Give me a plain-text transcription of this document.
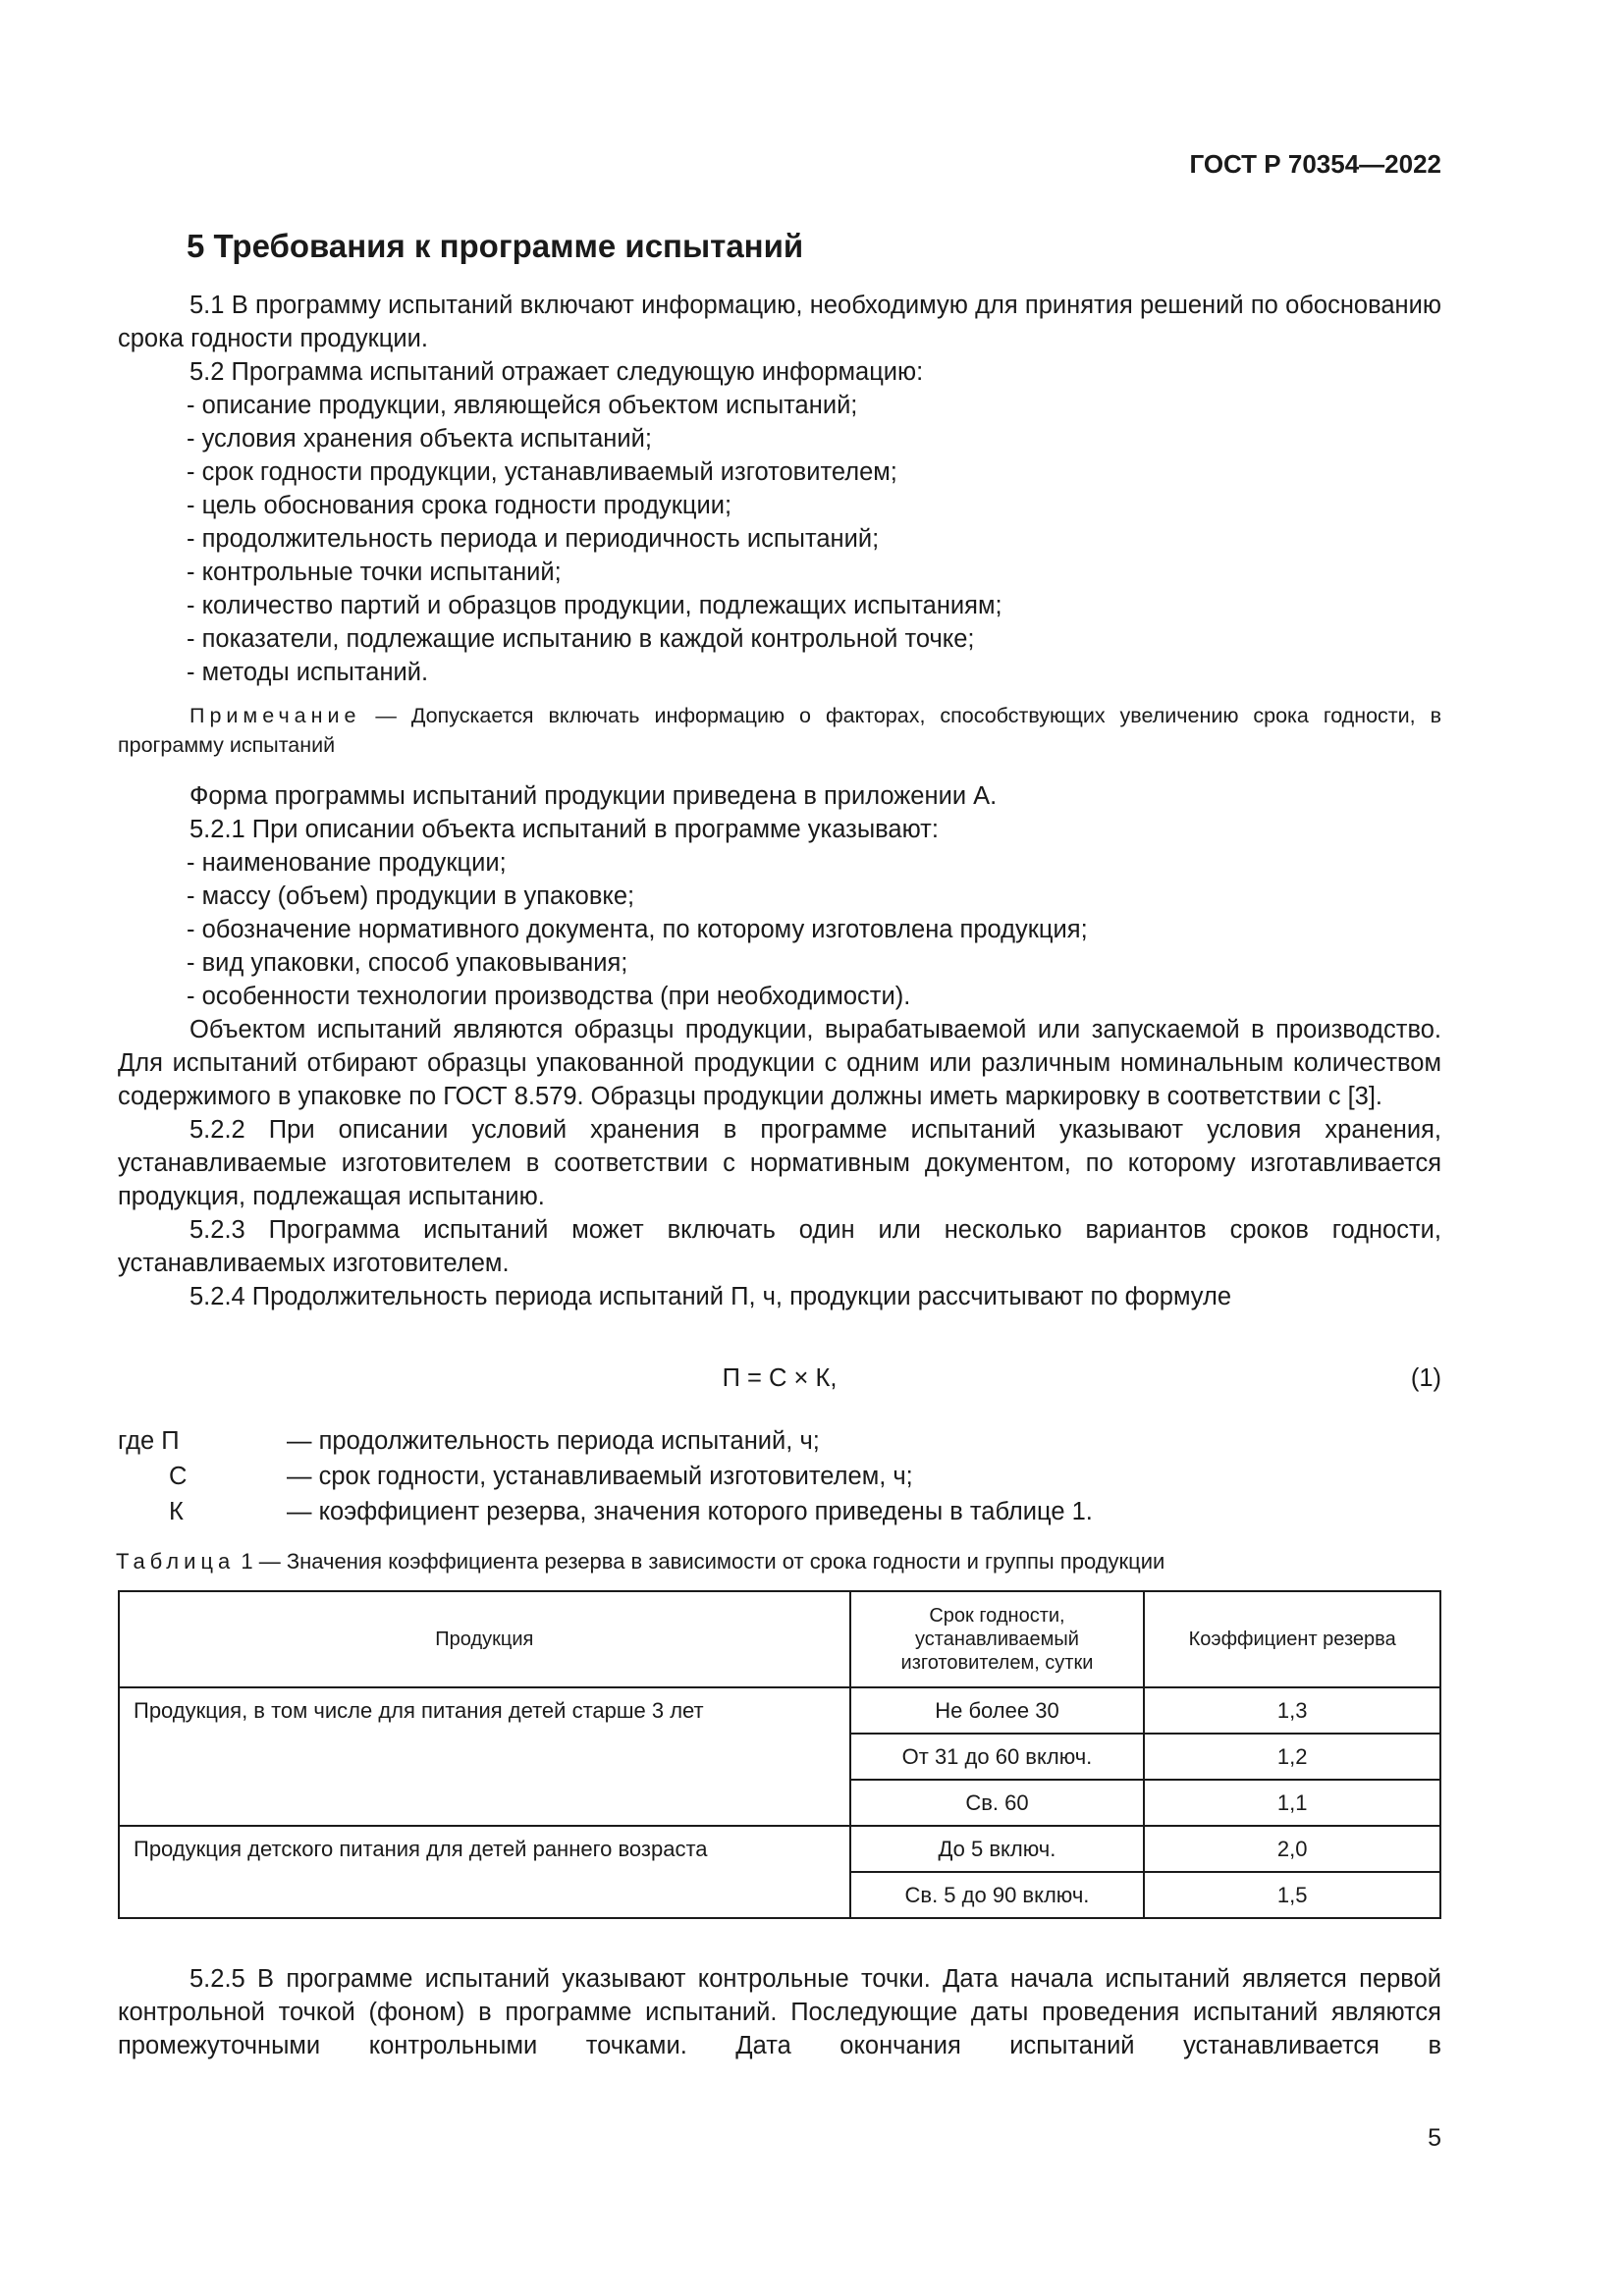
ГОСТ Р 70354—2022
5 Требования к программе испытаний

5.1 В программу испытаний включают информацию, необходимую для принятия решений по обоснованию срока годности продукции.

5.2 Программа испытаний отражает следующую информацию:

- описание продукции, являющейся объектом испытаний;

- условия хранения объекта испытаний;

- срок годности продукции, устанавливаемый изготовителем;

- цель обоснования срока годности продукции;

- продолжительность периода и периодичность испытаний;

- контрольные точки испытаний;

- количество партий и образцов продукции, подлежащих испытаниям;

- показатели, подлежащие испытанию в каждой контрольной точке;

- методы испытаний.

Примечание — Допускается включать информацию о факторах, способствующих увеличению срока годности, в программу испытаний

Форма программы испытаний продукции приведена в приложении А.

5.2.1 При описании объекта испытаний в программе указывают:

- наименование продукции;

- массу (объем) продукции в упаковке;

- обозначение нормативного документа, по которому изготовлена продукция;

- вид упаковки, способ упаковывания;

- особенности технологии производства (при необходимости).

Объектом испытаний являются образцы продукции, вырабатываемой или запускаемой в производство. Для испытаний отбирают образцы упакованной продукции с одним или различным номинальным количеством содержимого в упаковке по ГОСТ 8.579. Образцы продукции должны иметь маркировку в соответствии с [3].

5.2.2 При описании условий хранения в программе испытаний указывают условия хранения, устанавливаемые изготовителем в соответствии с нормативным документом, по которому изготавливается продукция, подлежащая испытанию.

5.2.3 Программа испытаний может включать один или несколько вариантов сроков годности, устанавливаемых изготовителем.

5.2.4 Продолжительность периода испытаний П, ч, продукции рассчитывают по формуле

П = С × К,	(1)
где П	— продолжительность периода испытаний, ч;
С	— срок годности, устанавливаемый изготовителем, ч;
К	— коэффициент резерва, значения которого приведены в таблице 1.
Таблица 1 — Значения коэффициента резерва в зависимости от срока годности и группы продукции
Продукция	Срок годности, устанавливаемый изготовителем, сутки	Коэффициент резерва
Продукция, в том числе для питания детей старше 3 лет	Не более 30	1,3
	От 31 до 60 включ.	1,2
	Св. 60	1,1
Продукция детского питания для детей раннего возраста	До 5 включ.	2,0
	Св. 5 до 90 включ.	1,5

5.2.5 В программе испытаний указывают контрольные точки. Дата начала испытаний является первой контрольной точкой (фоном) в программе испытаний. Последующие даты проведения испытаний являются промежуточными контрольными точками. Дата окончания испытаний устанавливается в

5
